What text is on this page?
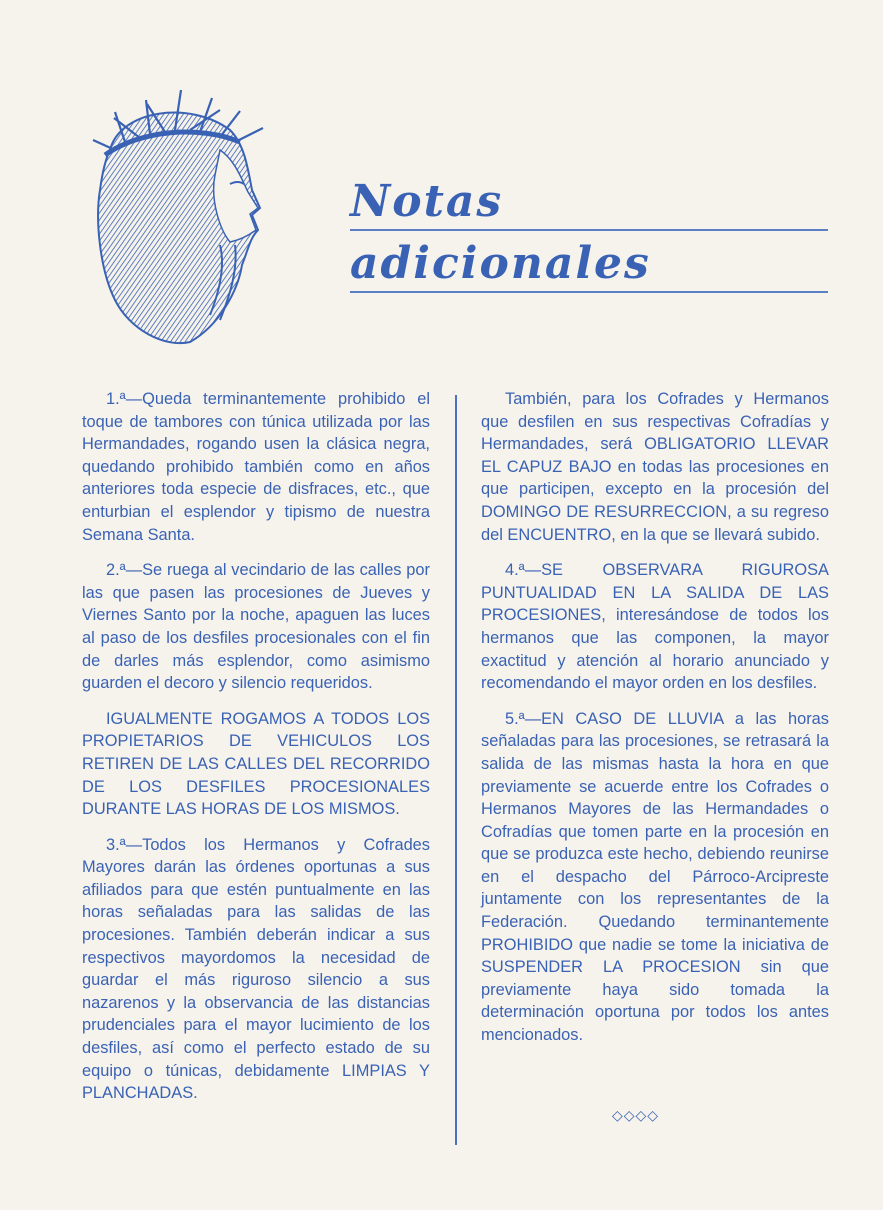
Notas
adicionales

1.ª—Queda terminantemente prohibido el toque de tambores con túnica utilizada por las Hermandades, rogando usen la clásica negra, quedando prohibido también como en años anteriores toda especie de disfraces, etc., que enturbian el esplendor y tipismo de nuestra Semana Santa.

2.ª—Se ruega al vecindario de las calles por las que pasen las procesiones de Jueves y Viernes Santo por la noche, apaguen las luces al paso de los desfiles procesionales con el fin de darles más esplendor, como asimismo guarden el decoro y silencio requeridos.

IGUALMENTE ROGAMOS A TODOS LOS PROPIETARIOS DE VEHICULOS LOS RETIREN DE LAS CALLES DEL RECORRIDO DE LOS DESFILES PROCESIONALES DURANTE LAS HORAS DE LOS MISMOS.

3.ª—Todos los Hermanos y Cofrades Mayores darán las órdenes oportunas a sus afiliados para que estén puntualmente en las horas señaladas para las salidas de las procesiones. También deberán indicar a sus respectivos mayordomos la necesidad de guardar el más riguroso silencio a sus nazarenos y la observancia de las distancias prudenciales para el mayor lucimiento de los desfiles, así como el perfecto estado de su equipo o túnicas, debidamente LIMPIAS Y PLANCHADAS.

También, para los Cofrades y Hermanos que desfilen en sus respectivas Cofradías y Hermandades, será OBLIGATORIO LLEVAR EL CAPUZ BAJO en todas las procesiones en que participen, excepto en la procesión del DOMINGO DE RESURRECCION, a su regreso del ENCUENTRO, en la que se llevará subido.

4.ª—SE OBSERVARA RIGUROSA PUNTUALIDAD EN LA SALIDA DE LAS PROCESIONES, interesándose de todos los hermanos que las componen, la mayor exactitud y atención al horario anunciado y recomendando el mayor orden en los desfiles.

5.ª—EN CASO DE LLUVIA a las horas señaladas para las procesiones, se retrasará la salida de las mismas hasta la hora en que previamente se acuerde entre los Cofrades o Hermanos Mayores de las Hermandades o Cofradías que tomen parte en la procesión en que se produzca este hecho, debiendo reunirse en el despacho del Párroco-Arcipreste juntamente con los representantes de la Federación. Quedando terminantemente PROHIBIDO que nadie se tome la iniciativa de SUSPENDER LA PROCESION sin que previamente haya sido tomada la determinación oportuna por todos los antes mencionados.

◇◇◇◇
